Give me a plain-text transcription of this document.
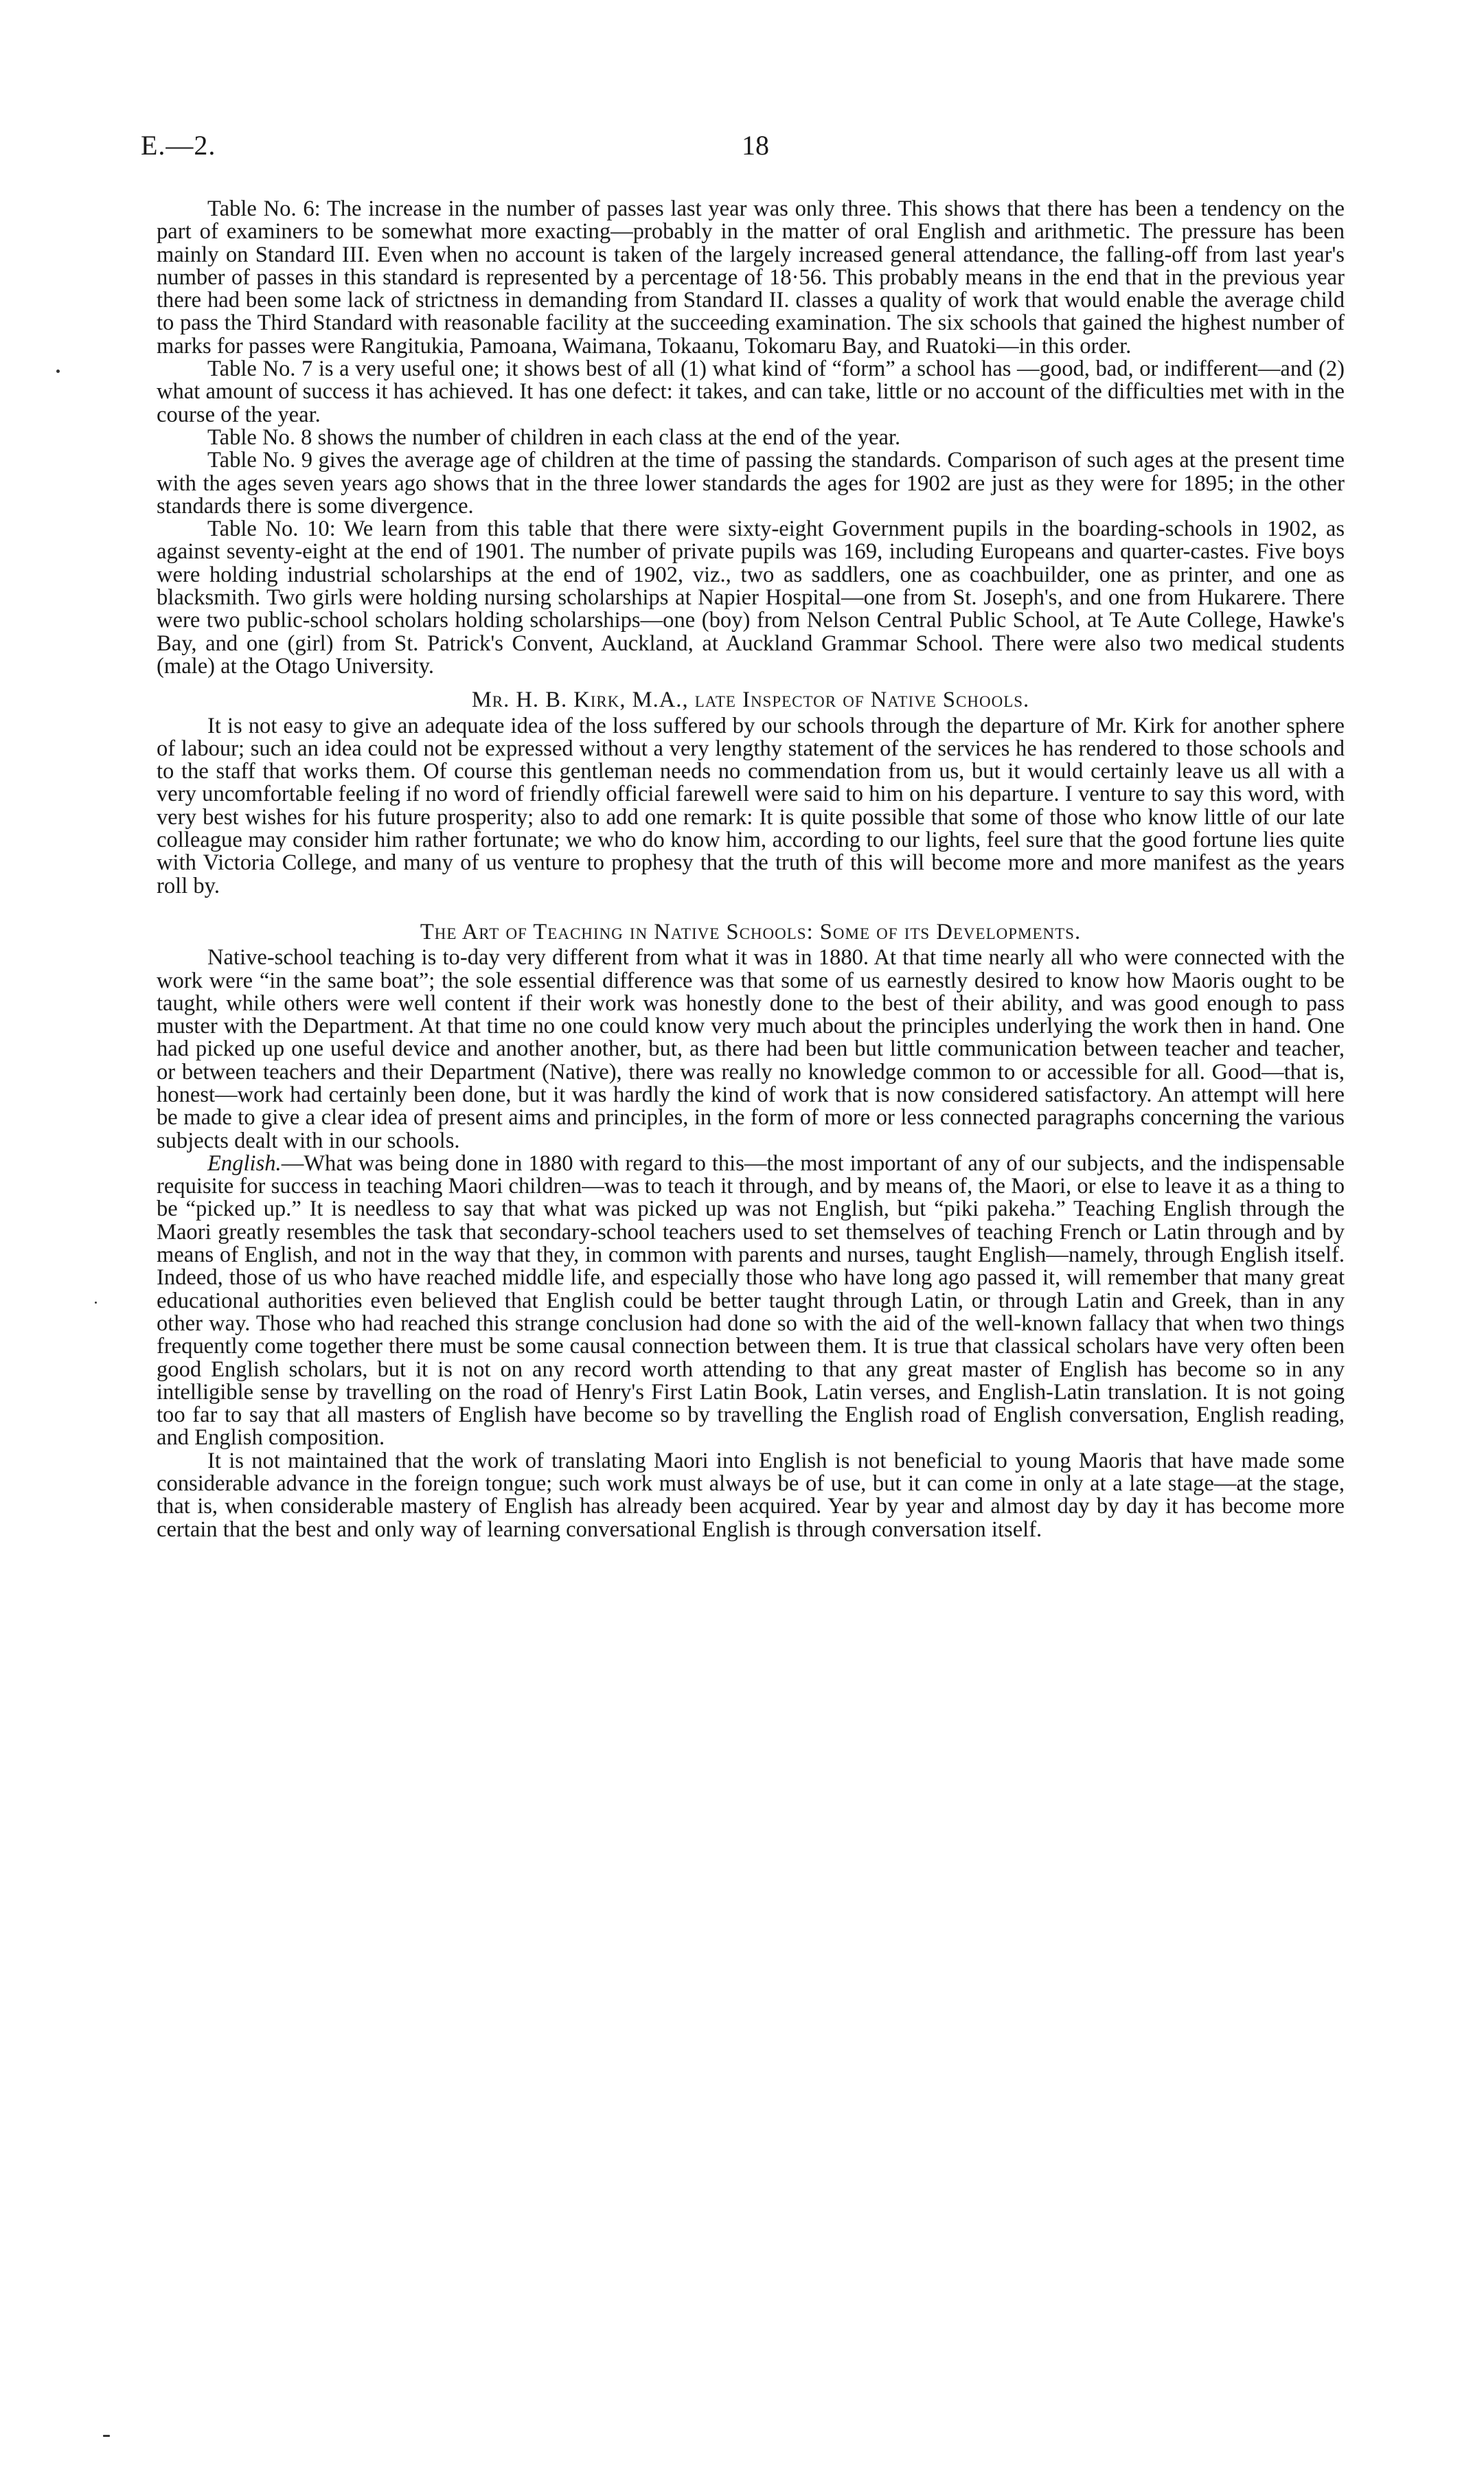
E.—2.	18

Table No. 6: The increase in the number of passes last year was only three. This shows that there has been a tendency on the part of examiners to be somewhat more exacting—probably in the matter of oral English and arithmetic. The pressure has been mainly on Standard III. Even when no account is taken of the largely increased general attendance, the falling-off from last year's number of passes in this standard is represented by a percentage of 18·56. This probably means in the end that in the previous year there had been some lack of strictness in demanding from Standard II. classes a quality of work that would enable the average child to pass the Third Standard with reasonable facility at the succeeding examination. The six schools that gained the highest number of marks for passes were Rangitukia, Pamoana, Waimana, Tokaanu, Tokomaru Bay, and Ruatoki—in this order.

Table No. 7 is a very useful one; it shows best of all (1) what kind of “form” a school has —good, bad, or indifferent—and (2) what amount of success it has achieved. It has one defect: it takes, and can take, little or no account of the difficulties met with in the course of the year.

Table No. 8 shows the number of children in each class at the end of the year.

Table No. 9 gives the average age of children at the time of passing the standards. Comparison of such ages at the present time with the ages seven years ago shows that in the three lower standards the ages for 1902 are just as they were for 1895; in the other standards there is some divergence.

Table No. 10: We learn from this table that there were sixty-eight Government pupils in the boarding-schools in 1902, as against seventy-eight at the end of 1901. The number of private pupils was 169, including Europeans and quarter-castes. Five boys were holding industrial scholarships at the end of 1902, viz., two as saddlers, one as coachbuilder, one as printer, and one as blacksmith. Two girls were holding nursing scholarships at Napier Hospital—one from St. Joseph's, and one from Hukarere. There were two public-school scholars holding scholarships—one (boy) from Nelson Central Public School, at Te Aute College, Hawke's Bay, and one (girl) from St. Patrick's Convent, Auckland, at Auckland Grammar School. There were also two medical students (male) at the Otago University.

Mr. H. B. Kirk, M.A., late Inspector of Native Schools.

It is not easy to give an adequate idea of the loss suffered by our schools through the departure of Mr. Kirk for another sphere of labour; such an idea could not be expressed without a very lengthy statement of the services he has rendered to those schools and to the staff that works them. Of course this gentleman needs no commendation from us, but it would certainly leave us all with a very uncomfortable feeling if no word of friendly official farewell were said to him on his departure. I venture to say this word, with very best wishes for his future prosperity; also to add one remark: It is quite possible that some of those who know little of our late colleague may consider him rather fortunate; we who do know him, according to our lights, feel sure that the good fortune lies quite with Victoria College, and many of us venture to prophesy that the truth of this will become more and more manifest as the years roll by.

The Art of Teaching in Native Schools: Some of its Developments.

Native-school teaching is to-day very different from what it was in 1880. At that time nearly all who were connected with the work were “in the same boat”; the sole essential difference was that some of us earnestly desired to know how Maoris ought to be taught, while others were well content if their work was honestly done to the best of their ability, and was good enough to pass muster with the Department. At that time no one could know very much about the principles underlying the work then in hand. One had picked up one useful device and another another, but, as there had been but little communication between teacher and teacher, or between teachers and their Department (Native), there was really no knowledge common to or accessible for all. Good—that is, honest—work had certainly been done, but it was hardly the kind of work that is now considered satisfactory. An attempt will here be made to give a clear idea of present aims and principles, in the form of more or less connected paragraphs concerning the various subjects dealt with in our schools.

English.—What was being done in 1880 with regard to this—the most important of any of our subjects, and the indispensable requisite for success in teaching Maori children—was to teach it through, and by means of, the Maori, or else to leave it as a thing to be “picked up.” It is needless to say that what was picked up was not English, but “piki pakeha.” Teaching English through the Maori greatly resembles the task that secondary-school teachers used to set themselves of teaching French or Latin through and by means of English, and not in the way that they, in common with parents and nurses, taught English—namely, through English itself. Indeed, those of us who have reached middle life, and especially those who have long ago passed it, will remember that many great educational authorities even believed that English could be better taught through Latin, or through Latin and Greek, than in any other way. Those who had reached this strange conclusion had done so with the aid of the well-known fallacy that when two things frequently come together there must be some causal connection between them. It is true that classical scholars have very often been good English scholars, but it is not on any record worth attending to that any great master of English has become so in any intelligible sense by travelling on the road of Henry's First Latin Book, Latin verses, and English-Latin translation. It is not going too far to say that all masters of English have become so by travelling the English road of English conversation, English reading, and English composition.

It is not maintained that the work of translating Maori into English is not beneficial to young Maoris that have made some considerable advance in the foreign tongue; such work must always be of use, but it can come in only at a late stage—at the stage, that is, when considerable mastery of English has already been acquired. Year by year and almost day by day it has become more certain that the best and only way of learning conversational English is through conversation itself.
